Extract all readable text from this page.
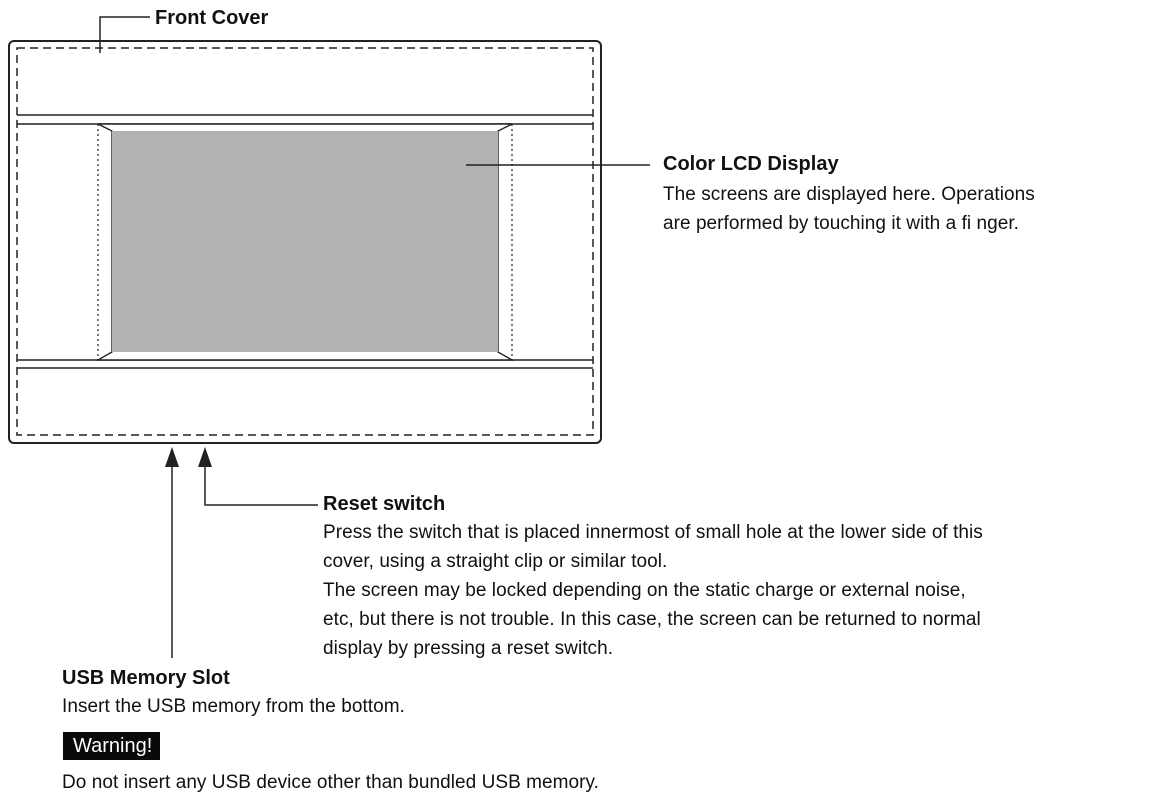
Front Cover
Color LCD Display
The screens are displayed here. Operations
are performed by touching it with a fi nger.
Reset switch
Press the switch that is placed innermost of small hole at the lower side of this
cover, using a straight clip or similar tool.
The screen may be locked depending on the static charge or external noise,
etc, but there is not trouble. In this case, the screen can be returned to normal
display by pressing a reset switch.
USB Memory Slot
Insert the USB memory from the bottom.
Warning!
Do not insert any USB device other than bundled USB memory.
